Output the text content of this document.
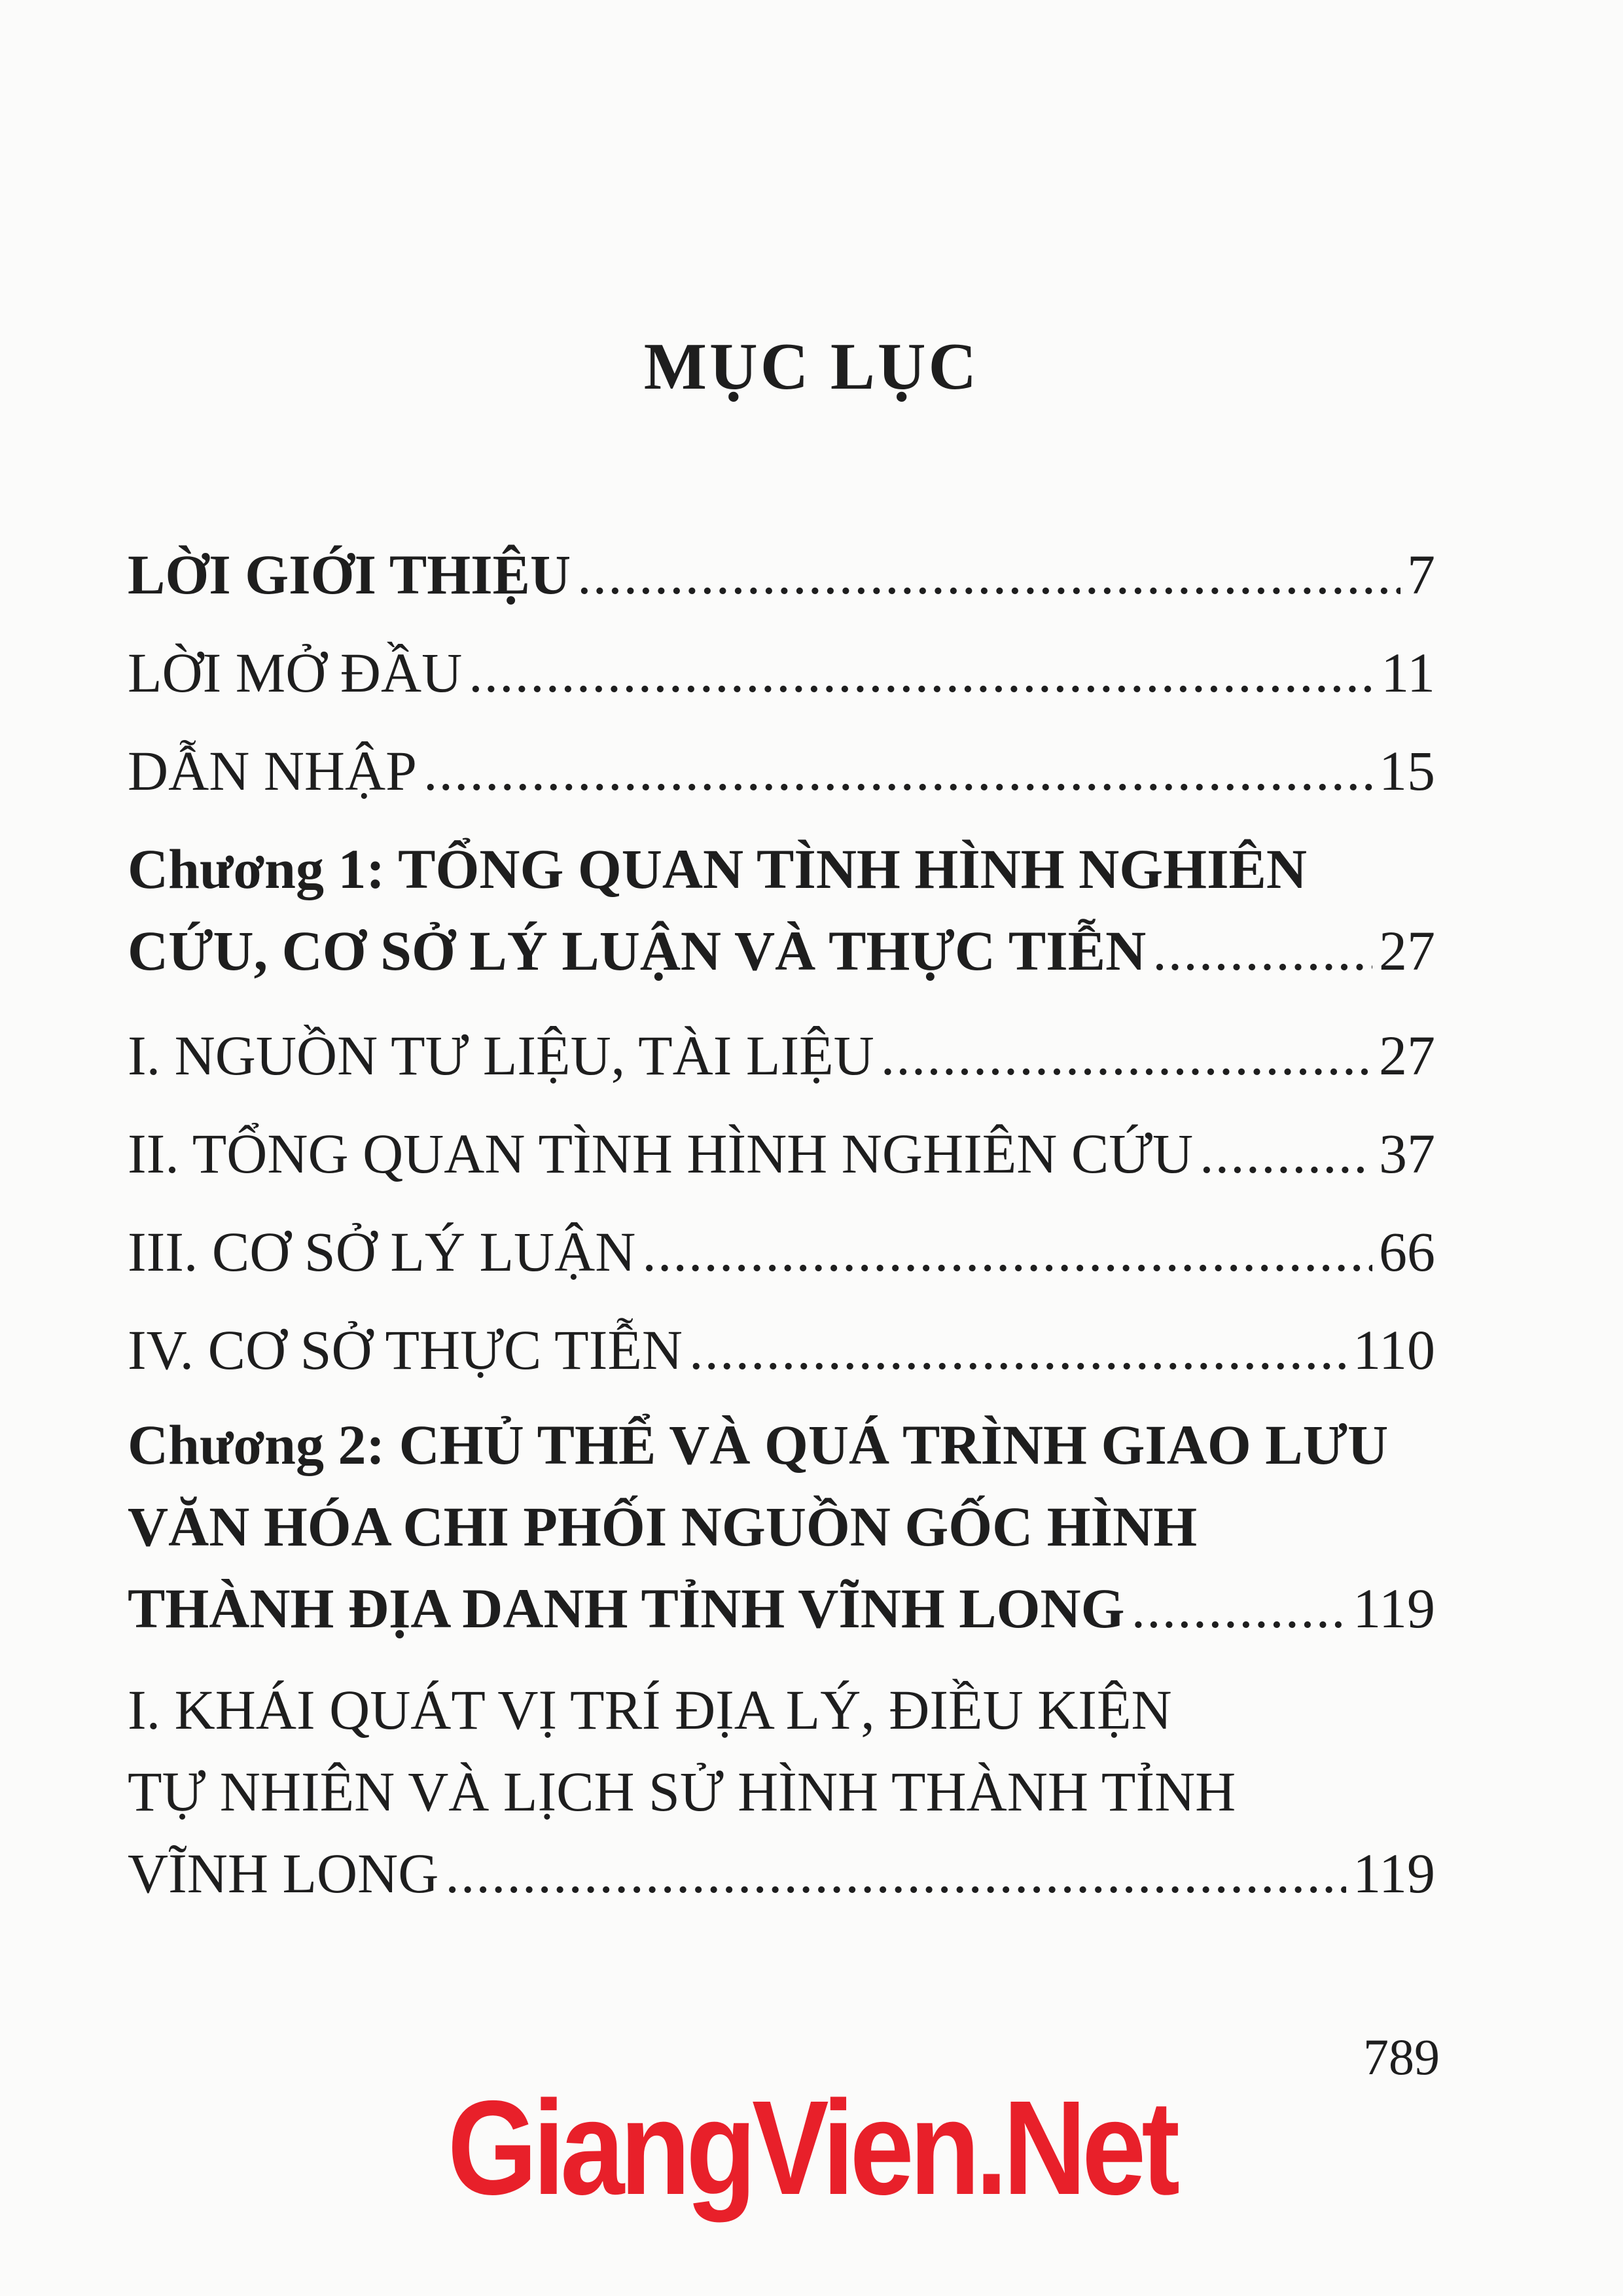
MỤC LỤC
LỜI GIỚI THIỆU .....	7
LỜI MỞ ĐẦU .....	11
DẪN NHẬP .....	15
Chương 1: TỔNG QUAN TÌNH HÌNH NGHIÊN
CỨU, CƠ SỞ LÝ LUẬN VÀ THỰC TIỄN .....	27
I. NGUỒN TƯ LIỆU, TÀI LIỆU .....	27
II. TỔNG QUAN TÌNH HÌNH NGHIÊN CỨU .....	37
III. CƠ SỞ LÝ LUẬN .....	66
IV. CƠ SỞ THỰC TIỄN .....	110
Chương 2: CHỦ THỂ VÀ QUÁ TRÌNH GIAO LƯU
VĂN HÓA CHI PHỐI NGUỒN GỐC HÌNH
THÀNH ĐỊA DANH TỈNH VĨNH LONG .....	119
I. KHÁI QUÁT VỊ TRÍ ĐỊA LÝ, ĐIỀU KIỆN
TỰ NHIÊN VÀ LỊCH SỬ HÌNH THÀNH TỈNH
VĨNH LONG .....	119
789
GiangVien.Net
